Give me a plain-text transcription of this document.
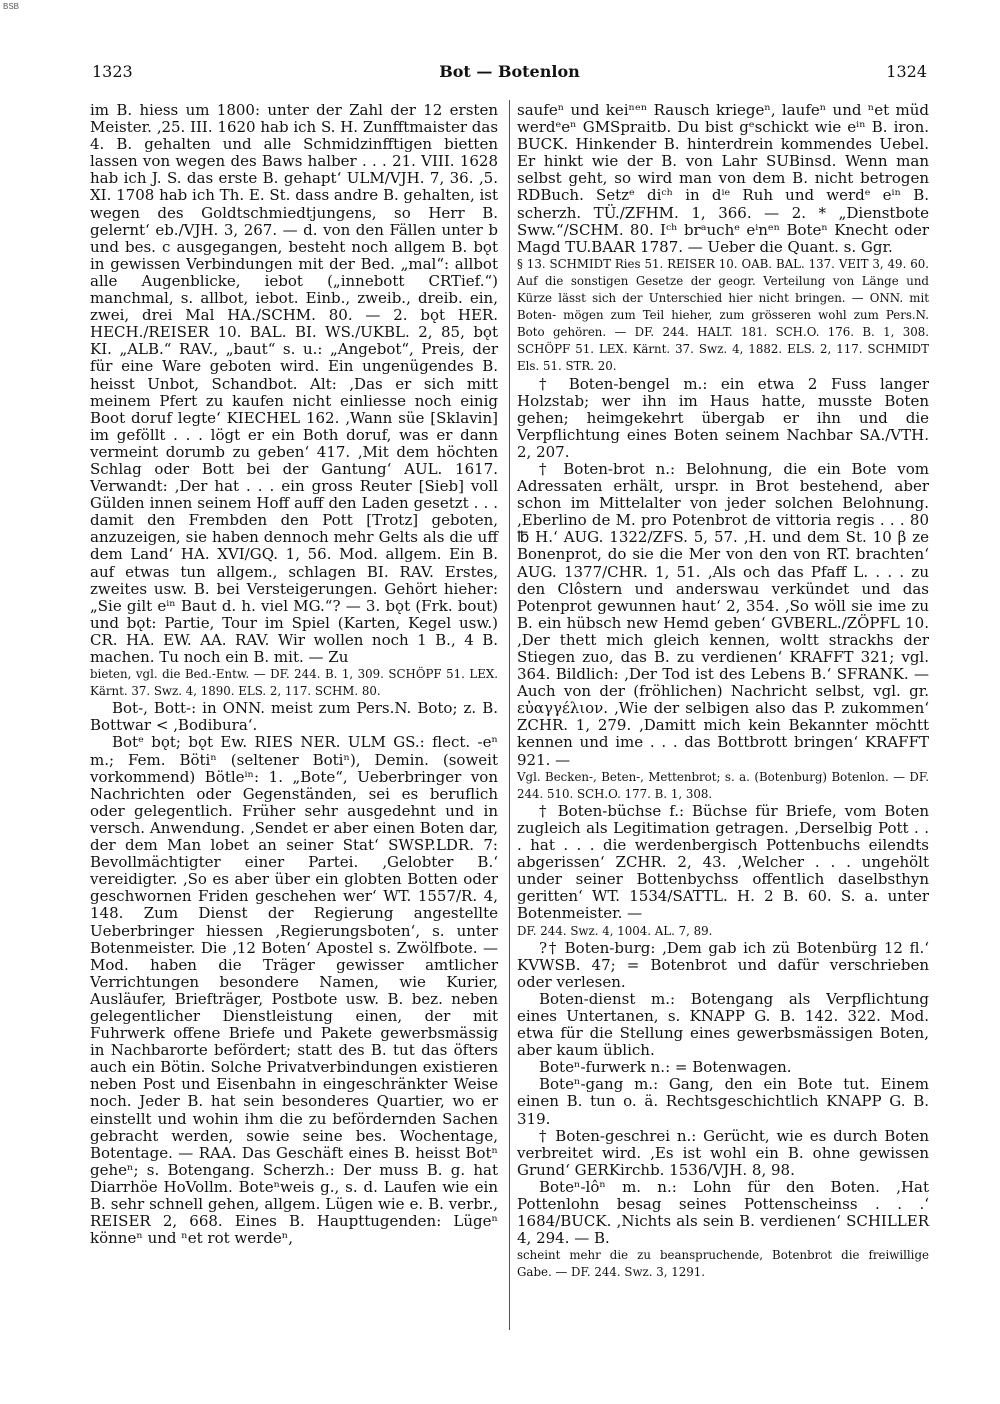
BSB
1323	Bot — Botenlon	1324

im B. hiess um 1800: unter der Zahl der 12 ersten Meister. ‚25. III. 1620 hab ich S. H. Zunfftmaister das 4. B. gehalten und alle Schmidzinfftigen bietten lassen von wegen des Baws halber . . . 21. VIII. 1628 hab ich J. S. das erste B. gehapt‘ ULM/VJH. 7, 36. ‚5. XI. 1708 hab ich Th. E. St. dass andre B. gehalten, ist wegen des Goldtschmiedtjungens, so Herr B. gelernt‘ eb./VJH. 3, 267. — d. von den Fällen unter b und bes. c ausgegangen, besteht noch allgem B. bǫt in gewissen Verbindungen mit der Bed. „mal“: allbot alle Augenblicke, iebot („innebott CRTief.“) manchmal, s. allbot, iebot. Einb., zweib., dreib. ein, zwei, drei Mal HA./SCHM. 80. — 2. bǫt HER. HECH./REISER 10. BAL. BI. WS./UKBL. 2, 85, bǫt KI. „ALB.“ RAV., „baut“ s. u.: „Angebot“, Preis, der für eine Ware geboten wird. Ein ungenügendes B. heisst Unbot, Schandbot. Alt: ‚Das er sich mitt meinem Pfert zu kaufen nicht einliesse noch einig Boot doruf legte‘ KIECHEL 162. ‚Wann süe [Sklavin] im geföllt . . . lögt er ein Both doruf, was er dann vermeint dorumb zu geben‘ 417. ‚Mit dem höchten Schlag oder Bott bei der Gantung‘ AUL. 1617. Verwandt: ‚Der hat . . . ein gross Reuter [Sieb] voll Gülden innen seinem Hoff auff den Laden gesetzt . . . damit den Frembden den Pott [Trotz] geboten, anzuzeigen, sie haben dennoch mehr Gelts als die uff dem Land‘ HA. XVI/GQ. 1, 56. Mod. allgem. Ein B. auf etwas tun allgem., schlagen BI. RAV. Erstes, zweites usw. B. bei Versteigerungen. Gehört hieher: „Sie gilt eⁱⁿ Baut d. h. viel MG.“? — 3. bǫt (Frk. bout) und bǫt: Partie, Tour im Spiel (Karten, Kegel usw.) CR. HA. EW. AA. RAV. Wir wollen noch 1 B., 4 B. machen. Tu noch ein B. mit. — Zu

bieten, vgl. die Bed.-Entw. — DF. 244. B. 1, 309. SCHÖPF 51. LEX. Kärnt. 37. Swz. 4, 1890. ELS. 2, 117. SCHM. 80.

Bot-, Bott-: in ONN. meist zum Pers.N. Boto; z. B. Bottwar < ‚Bodibura‘.

Botᵉ bǫt; bǫt Ew. RIES NER. ULM GS.: flect. -eⁿ m.; Fem. Bötiⁿ (seltener Botiⁿ), Demin. (soweit vorkommend) Bötleⁱⁿ: 1. „Bote“, Ueberbringer von Nachrichten oder Gegenständen, sei es beruflich oder gelegentlich. Früher sehr ausgedehnt und in versch. Anwendung. ‚Sendet er aber einen Boten dar, der dem Man lobet an seiner Stat‘ SWSP.LDR. 7: Bevollmächtigter einer Partei. ‚Gelobter B.‘ vereidigter. ‚So es aber über ein globten Botten oder geschwornen Friden geschehen wer‘ WT. 1557/R. 4, 148. Zum Dienst der Regierung angestellte Ueberbringer hiessen ‚Regierungsboten‘, s. unter Botenmeister. Die ‚12 Boten‘ Apostel s. Zwölfbote. — Mod. haben die Träger gewisser amtlicher Verrichtungen besondere Namen, wie Kurier, Ausläufer, Briefträger, Postbote usw. B. bez. neben gelegentlicher Dienstleistung einen, der mit Fuhrwerk offene Briefe und Pakete gewerbsmässig in Nachbarorte befördert; statt des B. tut das öfters auch ein Bötin. Solche Privatverbindungen existieren neben Post und Eisenbahn in eingeschränkter Weise noch. Jeder B. hat sein besonderes Quartier, wo er einstellt und wohin ihm die zu befördernden Sachen gebracht werden, sowie seine bes. Wochentage, Botentage. — RAA. Das Geschäft eines B. heisst Botⁿ geheⁿ; s. Botengang. Scherzh.: Der muss B. g. hat Diarrhöe HoVollm. Boteⁿweis g., s. d. Laufen wie ein B. sehr schnell gehen, allgem. Lügen wie e. B. verbr., REISER 2, 668. Eines B. Haupttugenden: Lügeⁿ könneⁿ und ⁿet rot werdeⁿ,

saufeⁿ und keiⁿᵉⁿ Rausch kriegeⁿ, laufeⁿ und ⁿet müd werdᵉeⁿ GMSpraitb. Du bist gᵉschickt wie eⁱⁿ B. iron. BUCK. Hinkender B. hinterdrein kommendes Uebel. Er hinkt wie der B. von Lahr SUBinsd. Wenn man selbst geht, so wird man von dem B. nicht betrogen RDBuch. Setzᵉ diᶜʰ in dⁱᵉ Ruh und werdᵉ eⁱⁿ B. scherzh. TÜ./ZFHM. 1, 366. — 2. * „Dienstbote Sww.“/SCHM. 80. Iᶜʰ brᵃuchᵉ eⁱnᵉⁿ Boteⁿ Knecht oder Magd TU.BAAR 1787. — Ueber die Quant. s. Ggr.

§ 13. SCHMIDT Ries 51. REISER 10. OAB. BAL. 137. VEIT 3, 49. 60. Auf die sonstigen Gesetze der geogr. Verteilung von Länge und Kürze lässt sich der Unterschied hier nicht bringen. — ONN. mit Boten- mögen zum Teil hieher, zum grösseren wohl zum Pers.N. Boto gehören. — DF. 244. HALT. 181. SCH.O. 176. B. 1, 308. SCHÖPF 51. LEX. Kärnt. 37. Swz. 4, 1882. ELS. 2, 117. SCHMIDT Els. 51. STR. 20.

† Boten-bengel m.: ein etwa 2 Fuss langer Holzstab; wer ihn im Haus hatte, musste Boten gehen; heimgekehrt übergab er ihn und die Verpflichtung eines Boten seinem Nachbar SA./VTH. 2, 207.

† Boten-brot n.: Belohnung, die ein Bote vom Adressaten erhält, urspr. in Brot bestehend, aber schon im Mittelalter von jeder solchen Belohnung. ‚Eberlino de M. pro Potenbrot de vittoria regis . . . 80 ℔ H.‘ AUG. 1322/ZFS. 5, 57. ‚H. und dem St. 10 β ze Bonenprot, do sie die Mer von den von RT. brachten‘ AUG. 1377/CHR. 1, 51. ‚Als och das Pfaff L. . . . zu den Clôstern und anderswau verkündet und das Potenprot gewunnen haut‘ 2, 354. ‚So wöll sie ime zu B. ein hübsch new Hemd geben‘ GVBERL./ZÖPFL 10. ‚Der thett mich gleich kennen, woltt strackhs der Stiegen zuo, das B. zu verdienen‘ KRAFFT 321; vgl. 364. Bildlich: ‚Der Tod ist des Lebens B.‘ SFRANK. — Auch von der (fröhlichen) Nachricht selbst, vgl. gr. εὐαγγέλιον. ‚Wie der selbigen also das P. zukommen‘ ZCHR. 1, 279. ‚Damitt mich kein Bekannter möchtt kennen und ime . . . das Bottbrott bringen‘ KRAFFT 921. —

Vgl. Becken-, Beten-, Mettenbrot; s. a. (Botenburg) Botenlon. — DF. 244. 510. SCH.O. 177. B. 1, 308.

† Boten-büchse f.: Büchse für Briefe, vom Boten zugleich als Legitimation getragen. ‚Derselbig Pott . . . hat . . . die werdenbergisch Pottenbuchs eilendts abgerissen‘ ZCHR. 2, 43. ‚Welcher . . . ungehölt under seiner Bottenbychss offentlich daselbsthyn geritten‘ WT. 1534/SATTL. H. 2 B. 60. S. a. unter Botenmeister. —

DF. 244. Swz. 4, 1004. AL. 7, 89.

?† Boten-burg: ‚Dem gab ich zü Botenbürg 12 fl.‘ KVWSB. 47; = Botenbrot und dafür verschrieben oder verlesen.

Boten-dienst m.: Botengang als Verpflichtung eines Untertanen, s. KNAPP G. B. 142. 322. Mod. etwa für die Stellung eines gewerbsmässigen Boten, aber kaum üblich.

Boteⁿ-furwerk n.: = Botenwagen.

Boteⁿ-gang m.: Gang, den ein Bote tut. Einem einen B. tun o. ä. Rechtsgeschichtlich KNAPP G. B. 319.

† Boten-geschrei n.: Gerücht, wie es durch Boten verbreitet wird. ‚Es ist wohl ein B. ohne gewissen Grund‘ GERKirchb. 1536/VJH. 8, 98.

Boteⁿ-lôⁿ m. n.: Lohn für den Boten. ‚Hat Pottenlohn besag seines Pottenscheinss . . .‘ 1684/BUCK. ‚Nichts als sein B. verdienen‘ SCHILLER 4, 294. — B.

scheint mehr die zu beanspruchende, Botenbrot die freiwillige Gabe. — DF. 244. Swz. 3, 1291.
